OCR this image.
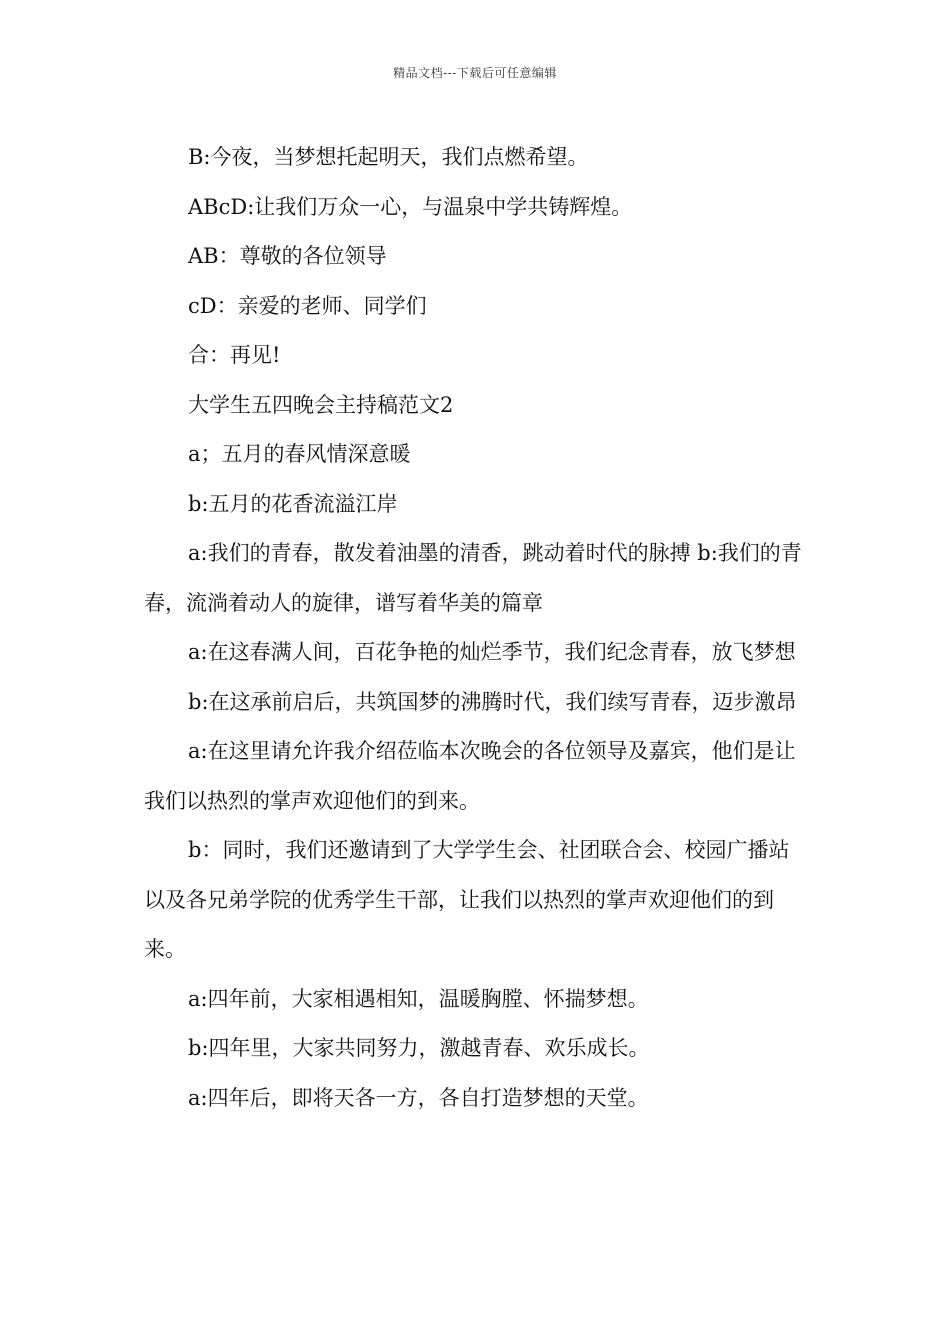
精品文档---下载后可任意编辑

B:今夜，当梦想托起明天，我们点燃希望。

ABcD:让我们万众一心，与温泉中学共铸辉煌。

AB：尊敬的各位领导

cD：亲爱的老师、同学们

合：再见!

大学生五四晚会主持稿范文2

a；五月的春风情深意暖

b:五月的花香流溢江岸

a:我们的青春，散发着油墨的清香，跳动着时代的脉搏 b:我们的青春，流淌着动人的旋律，谱写着华美的篇章

a:在这春满人间，百花争艳的灿烂季节，我们纪念青春，放飞梦想

b:在这承前启后，共筑国梦的沸腾时代，我们续写青春，迈步激昂

a:在这里请允许我介绍莅临本次晚会的各位领导及嘉宾，他们是让我们以热烈的掌声欢迎他们的到来。

b：同时，我们还邀请到了大学学生会、社团联合会、校园广播站以及各兄弟学院的优秀学生干部，让我们以热烈的掌声欢迎他们的到来。

a:四年前，大家相遇相知，温暖胸膛、怀揣梦想。

b:四年里，大家共同努力，激越青春、欢乐成长。

a:四年后，即将天各一方，各自打造梦想的天堂。
